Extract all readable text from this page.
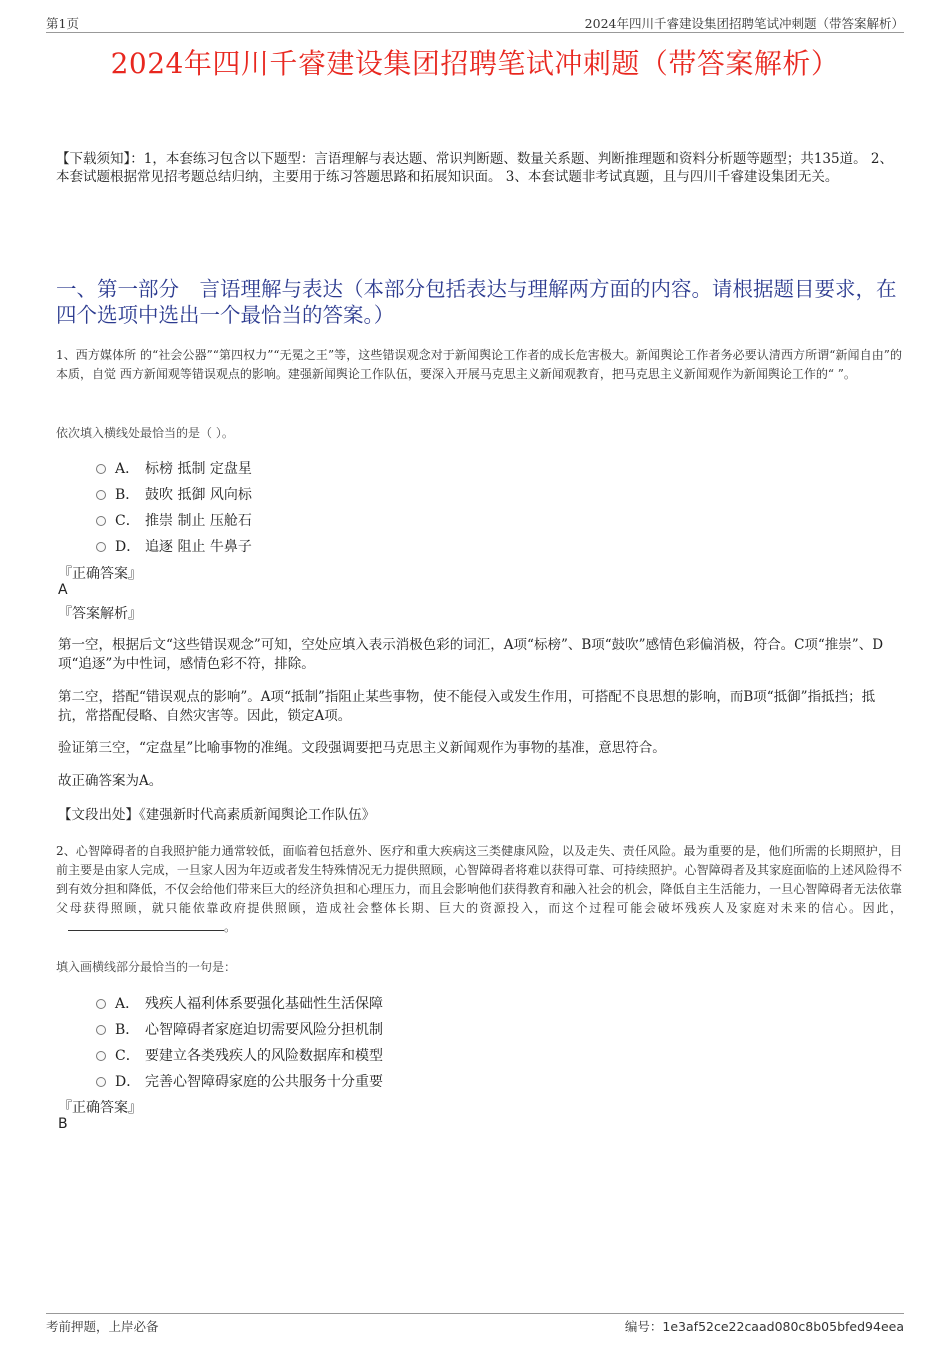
第1页	2024年四川千睿建设集团招聘笔试冲刺题（带答案解析）
2024年四川千睿建设集团招聘笔试冲刺题（带答案解析）
【下载须知】：1，本套练习包含以下题型：言语理解与表达题、常识判断题、数量关系题、判断推理题和资料分析题等题型；共135道。 2、本套试题根据常见招考题总结归纳，主要用于练习答题思路和拓展知识面。 3、本套试题非考试真题，且与四川千睿建设集团无关。
一、第一部分　言语理解与表达（本部分包括表达与理解两方面的内容。请根据题目要求，在四个选项中选出一个最恰当的答案。）
1、西方媒体所 的“社会公器”“第四权力”“无冕之王”等，这些错误观念对于新闻舆论工作者的成长危害极大。新闻舆论工作者务必要认清西方所谓“新闻自由”的本质，自觉 西方新闻观等错误观点的影响。建强新闻舆论工作队伍，要深入开展马克思主义新闻观教育，把马克思主义新闻观作为新闻舆论工作的“ ”。
依次填入横线处最恰当的是（ ）。
A． 标榜 抵制 定盘星
B． 鼓吹 抵御 风向标
C． 推崇 制止 压舱石
D． 追逐 阻止 牛鼻子
『正确答案』
A
『答案解析』
第一空，根据后文“这些错误观念”可知，空处应填入表示消极色彩的词汇，A项“标榜”、B项“鼓吹”感情色彩偏消极，符合。C项“推崇”、D项“追逐”为中性词，感情色彩不符，排除。
第二空，搭配“错误观点的影响”。A项“抵制”指阻止某些事物，使不能侵入或发生作用，可搭配不良思想的影响，而B项“抵御”指抵挡；抵抗，常搭配侵略、自然灾害等。因此，锁定A项。
验证第三空，“定盘星”比喻事物的准绳。文段强调要把马克思主义新闻观作为事物的基准，意思符合。
故正确答案为A。
【文段出处】《建强新时代高素质新闻舆论工作队伍》
2、心智障碍者的自我照护能力通常较低，面临着包括意外、医疗和重大疾病这三类健康风险，以及走失、责任风险。最为重要的是，他们所需的长期照护，目前主要是由家人完成，一旦家人因为年迈或者发生特殊情况无力提供照顾，心智障碍者将难以获得可靠、可持续照护。心智障碍者及其家庭面临的上述风险得不到有效分担和降低，不仅会给他们带来巨大的经济负担和心理压力，而且会影响他们获得教育和融入社会的机会，降低自主生活能力，一旦心智障碍者无法依靠父母获得照顾，就只能依靠政府提供照顾，造成社会整体长期、巨大的资源投入，而这个过程可能会破坏残疾人及家庭对未来的信心。因此，。
填入画横线部分最恰当的一句是：
A． 残疾人福利体系要强化基础性生活保障
B． 心智障碍者家庭迫切需要风险分担机制
C． 要建立各类残疾人的风险数据库和模型
D． 完善心智障碍家庭的公共服务十分重要
『正确答案』
B
考前押题，上岸必备	编号：1e3af52ce22caad080c8b05bfed94eea
